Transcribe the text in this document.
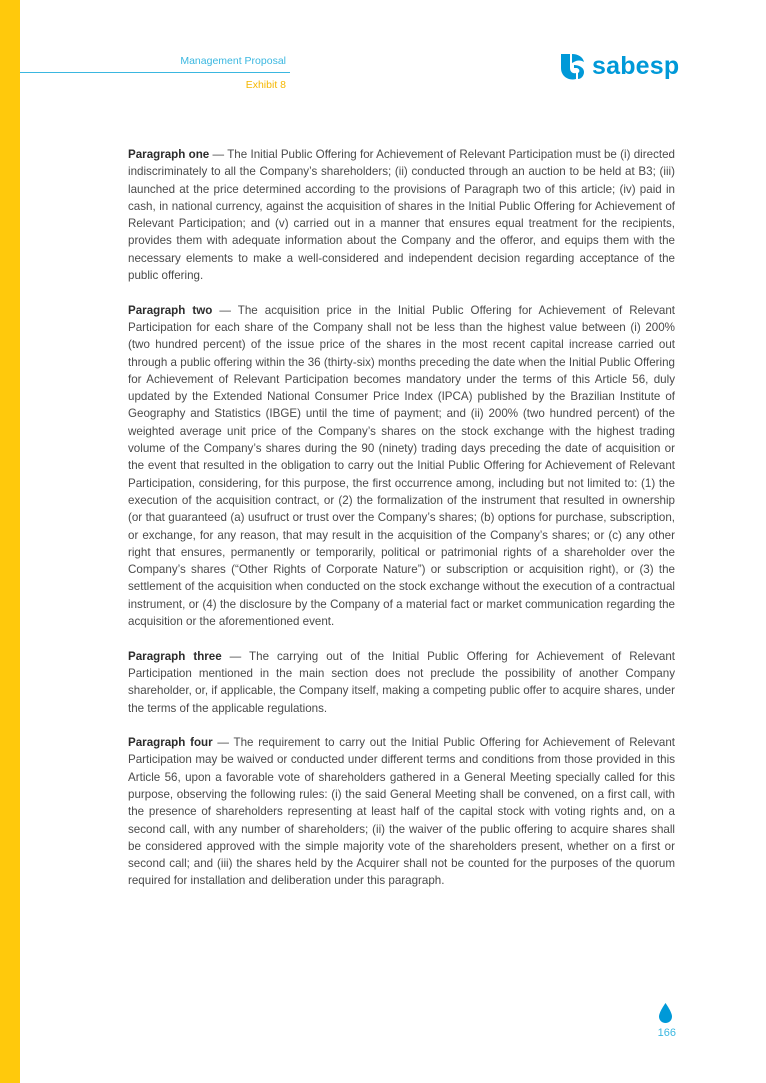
Management Proposal
Exhibit 8
sabesp

Paragraph one — The Initial Public Offering for Achievement of Relevant Participation must be (i) directed indiscriminately to all the Company’s shareholders; (ii) conducted through an auction to be held at B3; (iii) launched at the price determined according to the provisions of Paragraph two of this article; (iv) paid in cash, in national currency, against the acquisition of shares in the Initial Public Offering for Achievement of Relevant Participation; and (v) carried out in a manner that ensures equal treatment for the recipients, provides them with adequate information about the Company and the offeror, and equips them with the necessary elements to make a well-considered and independent decision regarding acceptance of the public offering.

Paragraph two — The acquisition price in the Initial Public Offering for Achievement of Relevant Participation for each share of the Company shall not be less than the highest value between (i) 200% (two hundred percent) of the issue price of the shares in the most recent capital increase carried out through a public offering within the 36 (thirty-six) months preceding the date when the Initial Public Offering for Achievement of Relevant Participation becomes mandatory under the terms of this Article 56, duly updated by the Extended National Consumer Price Index (IPCA) published by the Brazilian Institute of Geography and Statistics (IBGE) until the time of payment; and (ii) 200% (two hundred percent) of the weighted average unit price of the Company’s shares on the stock exchange with the highest trading volume of the Company’s shares during the 90 (ninety) trading days preceding the date of acquisition or the event that resulted in the obligation to carry out the Initial Public Offering for Achievement of Relevant Participation, considering, for this purpose, the first occurrence among, including but not limited to: (1) the execution of the acquisition contract, or (2) the formalization of the instrument that resulted in ownership (or that guaranteed (a) usufruct or trust over the Company’s shares; (b) options for purchase, subscription, or exchange, for any reason, that may result in the acquisition of the Company’s shares; or (c) any other right that ensures, permanently or temporarily, political or patrimonial rights of a shareholder over the Company’s shares (“Other Rights of Corporate Nature”) or subscription or acquisition right), or (3) the settlement of the acquisition when conducted on the stock exchange without the execution of a contractual instrument, or (4) the disclosure by the Company of a material fact or market communication regarding the acquisition or the aforementioned event.

Paragraph three — The carrying out of the Initial Public Offering for Achievement of Relevant Participation mentioned in the main section does not preclude the possibility of another Company shareholder, or, if applicable, the Company itself, making a competing public offer to acquire shares, under the terms of the applicable regulations.

Paragraph four — The requirement to carry out the Initial Public Offering for Achievement of Relevant Participation may be waived or conducted under different terms and conditions from those provided in this Article 56, upon a favorable vote of shareholders gathered in a General Meeting specially called for this purpose, observing the following rules: (i) the said General Meeting shall be convened, on a first call, with the presence of shareholders representing at least half of the capital stock with voting rights and, on a second call, with any number of shareholders; (ii) the waiver of the public offering to acquire shares shall be considered approved with the simple majority vote of the shareholders present, whether on a first or second call; and (iii) the shares held by the Acquirer shall not be counted for the purposes of the quorum required for installation and deliberation under this paragraph.

166
